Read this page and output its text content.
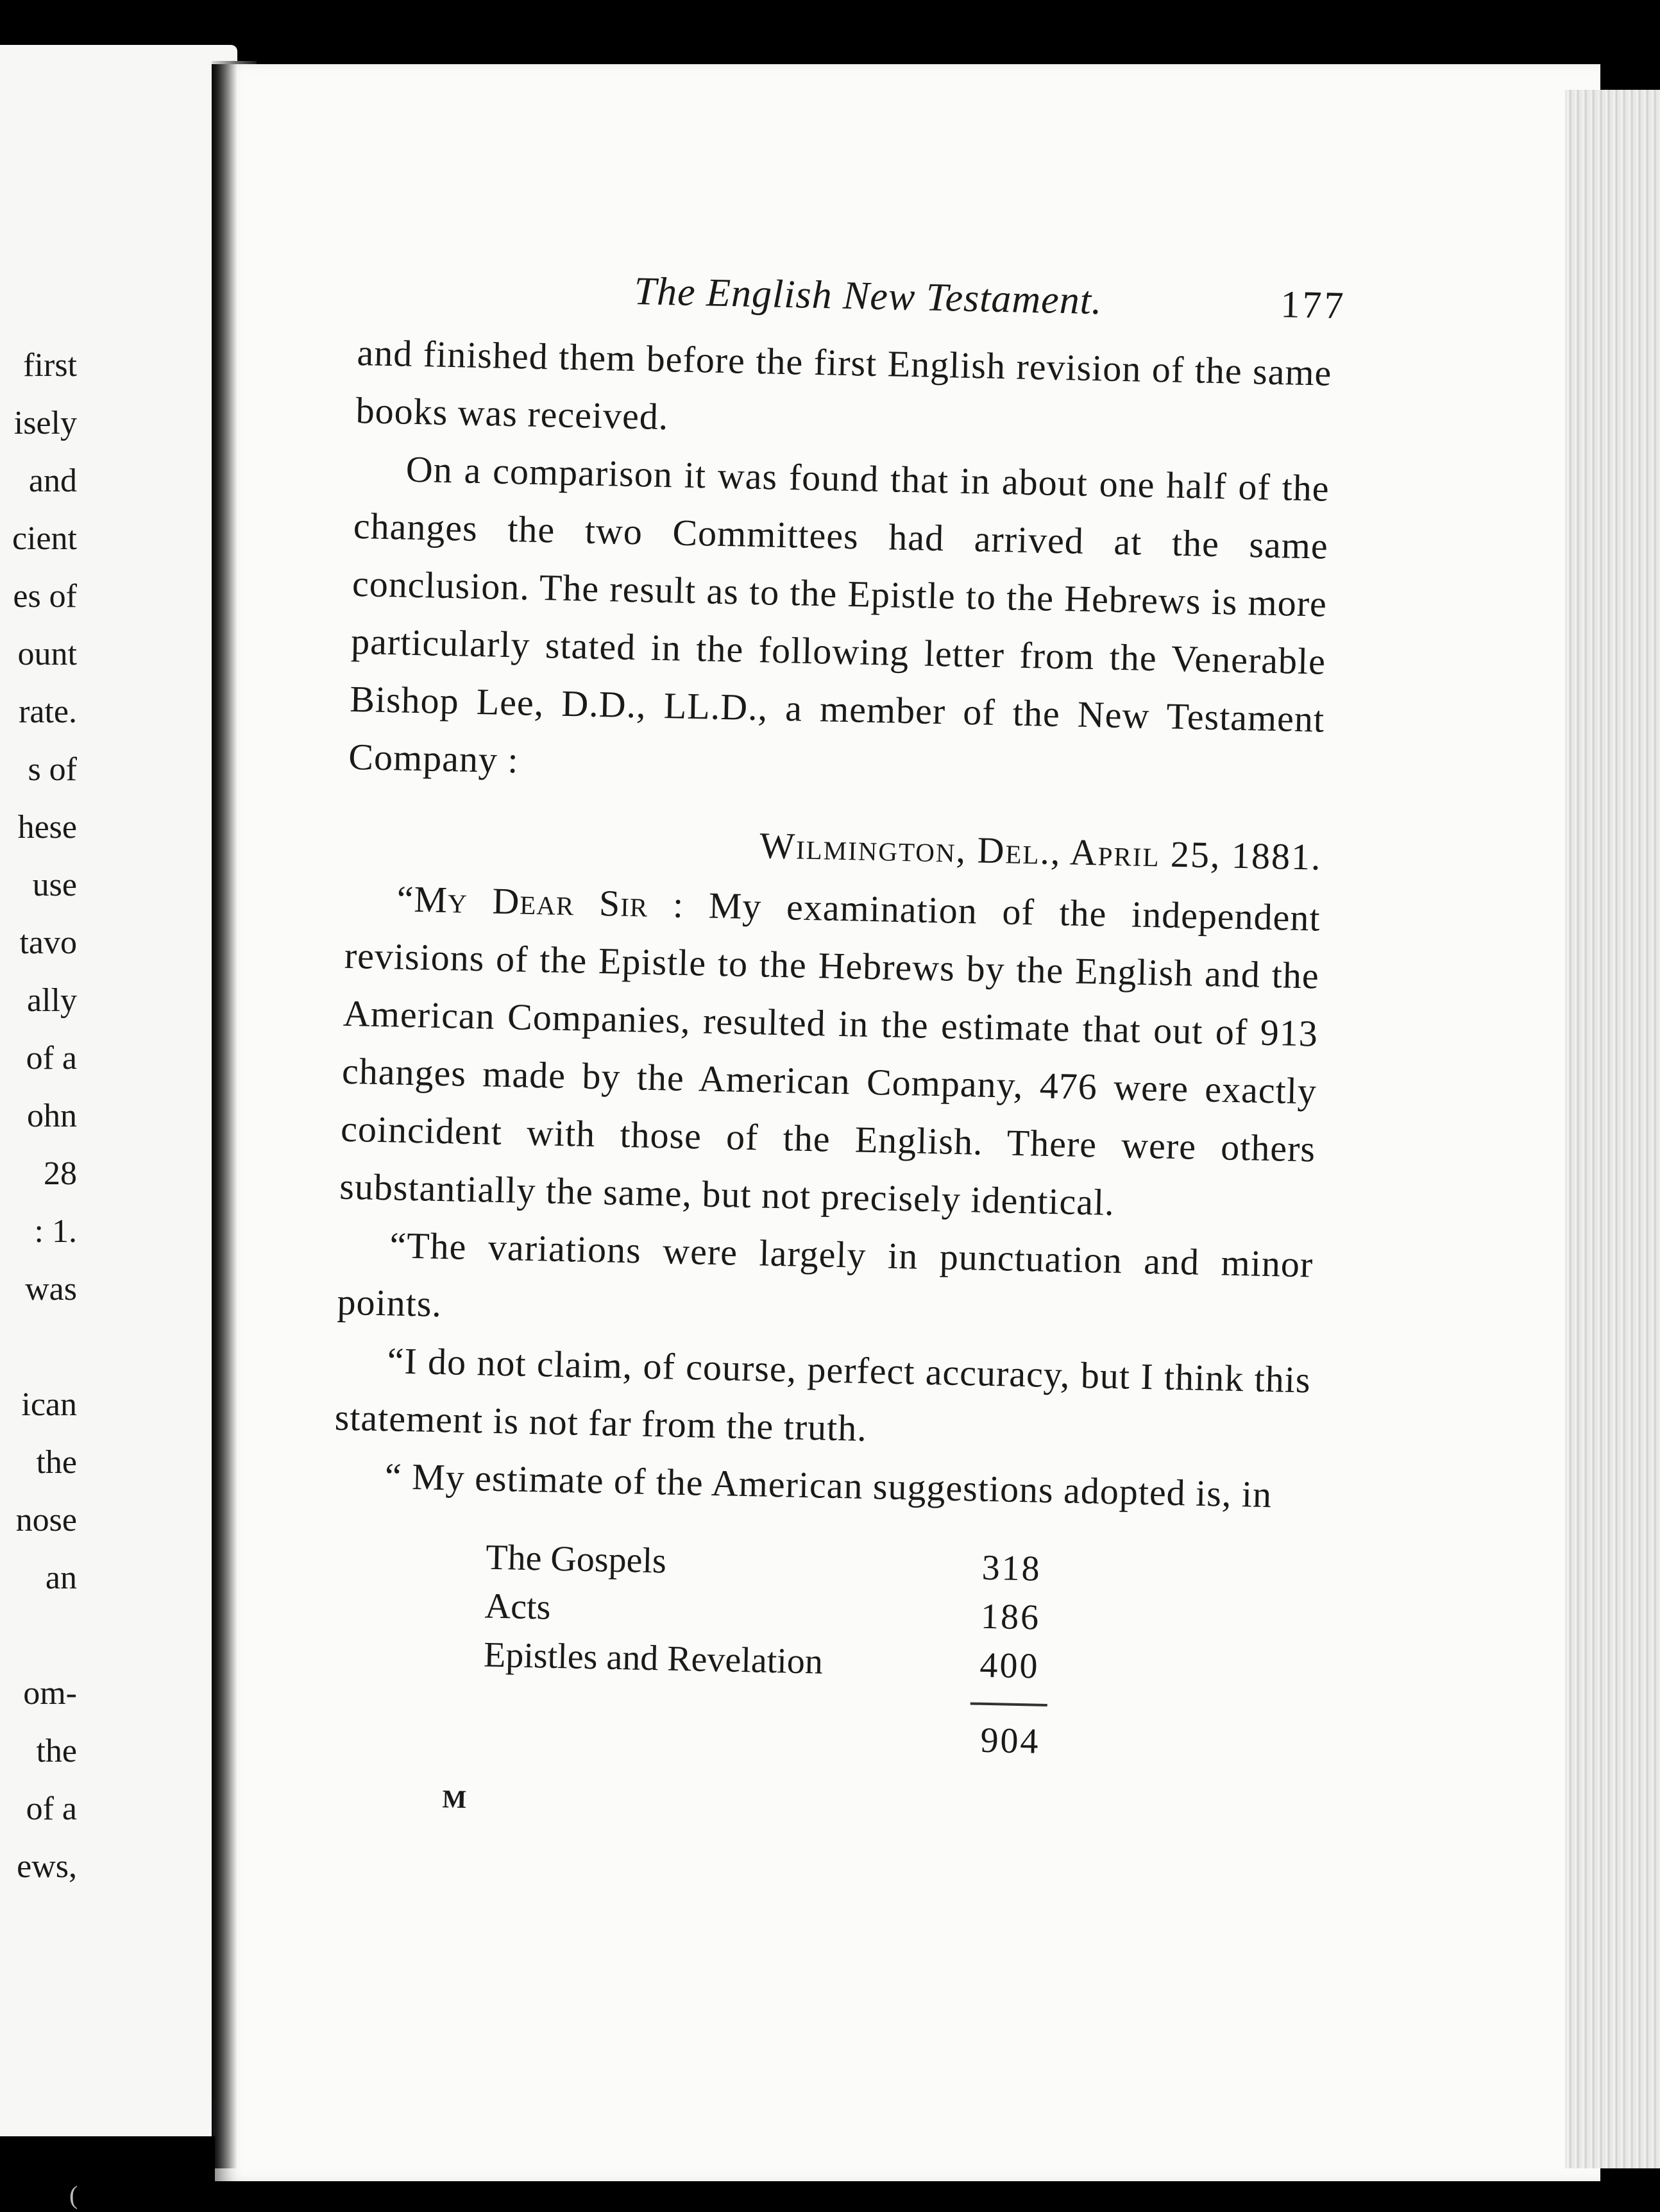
first
isely
and
cient
es of
ount
rate.
s of
hese
use
tavo
ally
of a
ohn
28
: 1.
was
ican
the
nose
an
om-
the
of a
ews,
The English New Testament.	177

and finished them before the first English revision of the same books was received.

On a comparison it was found that in about one half of the changes the two Committees had arrived at the same conclusion. The result as to the Epistle to the Hebrews is more particularly stated in the following letter from the Venerable Bishop Lee, D.D., LL.D., a member of the New Testament Company :

Wilmington, Del., April 25, 1881.

“My Dear Sir : My examination of the independent revisions of the Epistle to the Hebrews by the English and the American Companies, resulted in the estimate that out of 913 changes made by the American Company, 476 were exactly coincident with those of the English. There were others substantially the same, but not precisely identical.

“The variations were largely in punctuation and minor points.

“I do not claim, of course, perfect accuracy, but I think this statement is not far from the truth.

“ My estimate of the American suggestions adopted is, in

The Gospels	318
Acts	186
Epistles and Revelation	400
904
M
(
